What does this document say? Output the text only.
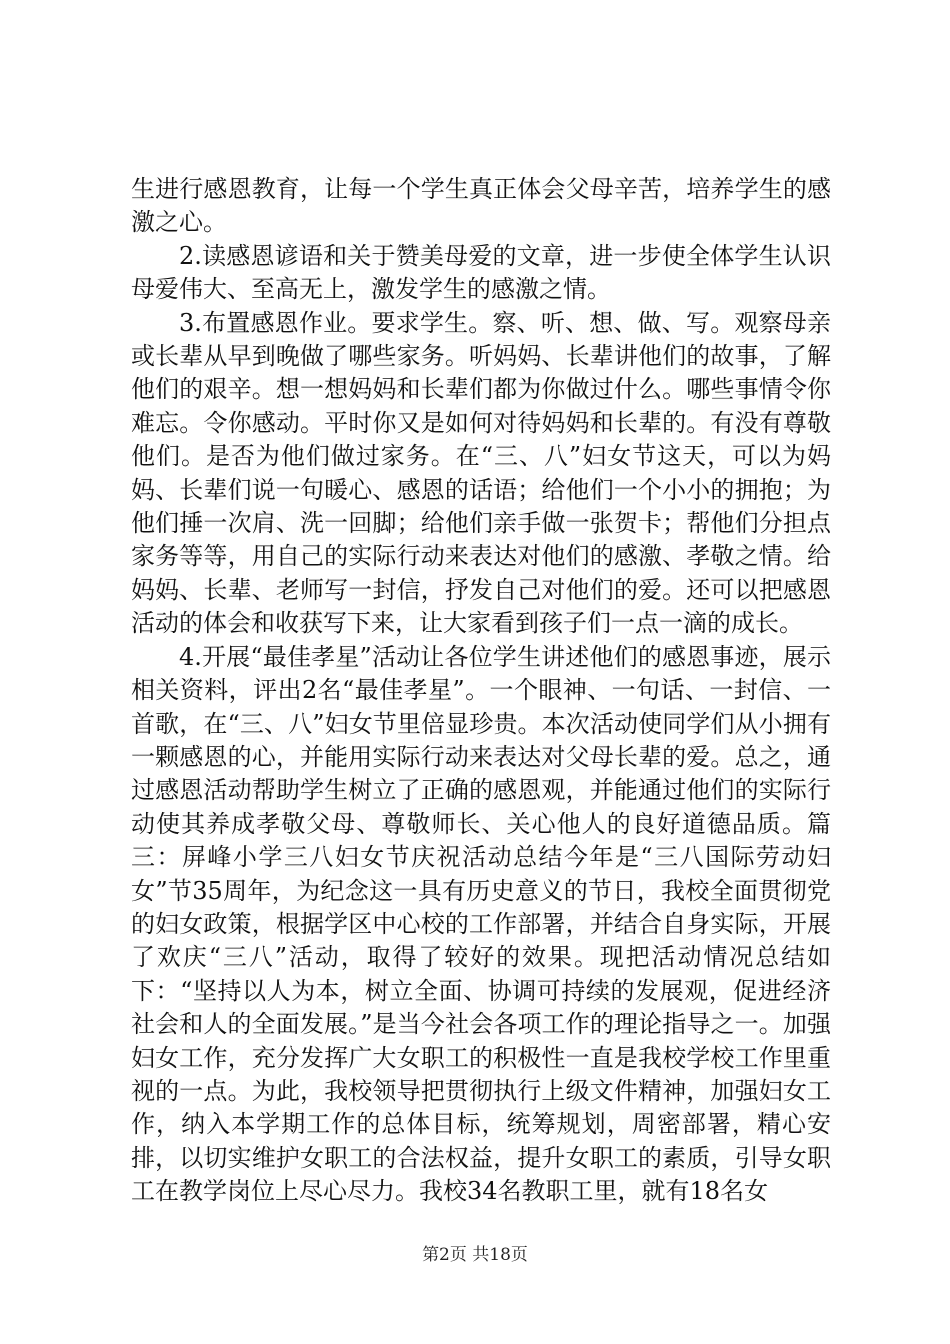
生进行感恩教育，让每一个学生真正体会父母辛苦，培养学生的感激之心。

2.读感恩谚语和关于赞美母爱的文章，进一步使全体学生认识母爱伟大、至高无上，激发学生的感激之情。

3.布置感恩作业。要求学生。察、听、想、做、写。观察母亲或长辈从早到晚做了哪些家务。听妈妈、长辈讲他们的故事，了解他们的艰辛。想一想妈妈和长辈们都为你做过什么。哪些事情令你难忘。令你感动。平时你又是如何对待妈妈和长辈的。有没有尊敬他们。是否为他们做过家务。在“三、八”妇女节这天，可以为妈妈、长辈们说一句暖心、感恩的话语；给他们一个小小的拥抱；为他们捶一次肩、洗一回脚；给他们亲手做一张贺卡；帮他们分担点家务等等，用自己的实际行动来表达对他们的感激、孝敬之情。给妈妈、长辈、老师写一封信，抒发自己对他们的爱。还可以把感恩活动的体会和收获写下来，让大家看到孩子们一点一滴的成长。

4.开展“最佳孝星”活动让各位学生讲述他们的感恩事迹，展示相关资料，评出2名“最佳孝星”。一个眼神、一句话、一封信、一首歌，在“三、八”妇女节里倍显珍贵。本次活动使同学们从小拥有一颗感恩的心，并能用实际行动来表达对父母长辈的爱。总之，通过感恩活动帮助学生树立了正确的感恩观，并能通过他们的实际行动使其养成孝敬父母、尊敬师长、关心他人的良好道德品质。篇三：屏峰小学三八妇女节庆祝活动总结今年是“三八国际劳动妇女”节35周年，为纪念这一具有历史意义的节日，我校全面贯彻党的妇女政策，根据学区中心校的工作部署，并结合自身实际，开展了欢庆“三八”活动，取得了较好的效果。现把活动情况总结如下：“坚持以人为本，树立全面、协调可持续的发展观，促进经济社会和人的全面发展。”是当今社会各项工作的理论指导之一。加强妇女工作，充分发挥广大女职工的积极性一直是我校学校工作里重视的一点。为此，我校领导把贯彻执行上级文件精神，加强妇女工作，纳入本学期工作的总体目标，统筹规划，周密部署，精心安排，以切实维护女职工的合法权益，提升女职工的素质，引导女职工在教学岗位上尽心尽力。我校34名教职工里，就有18名女

第2页 共18页
